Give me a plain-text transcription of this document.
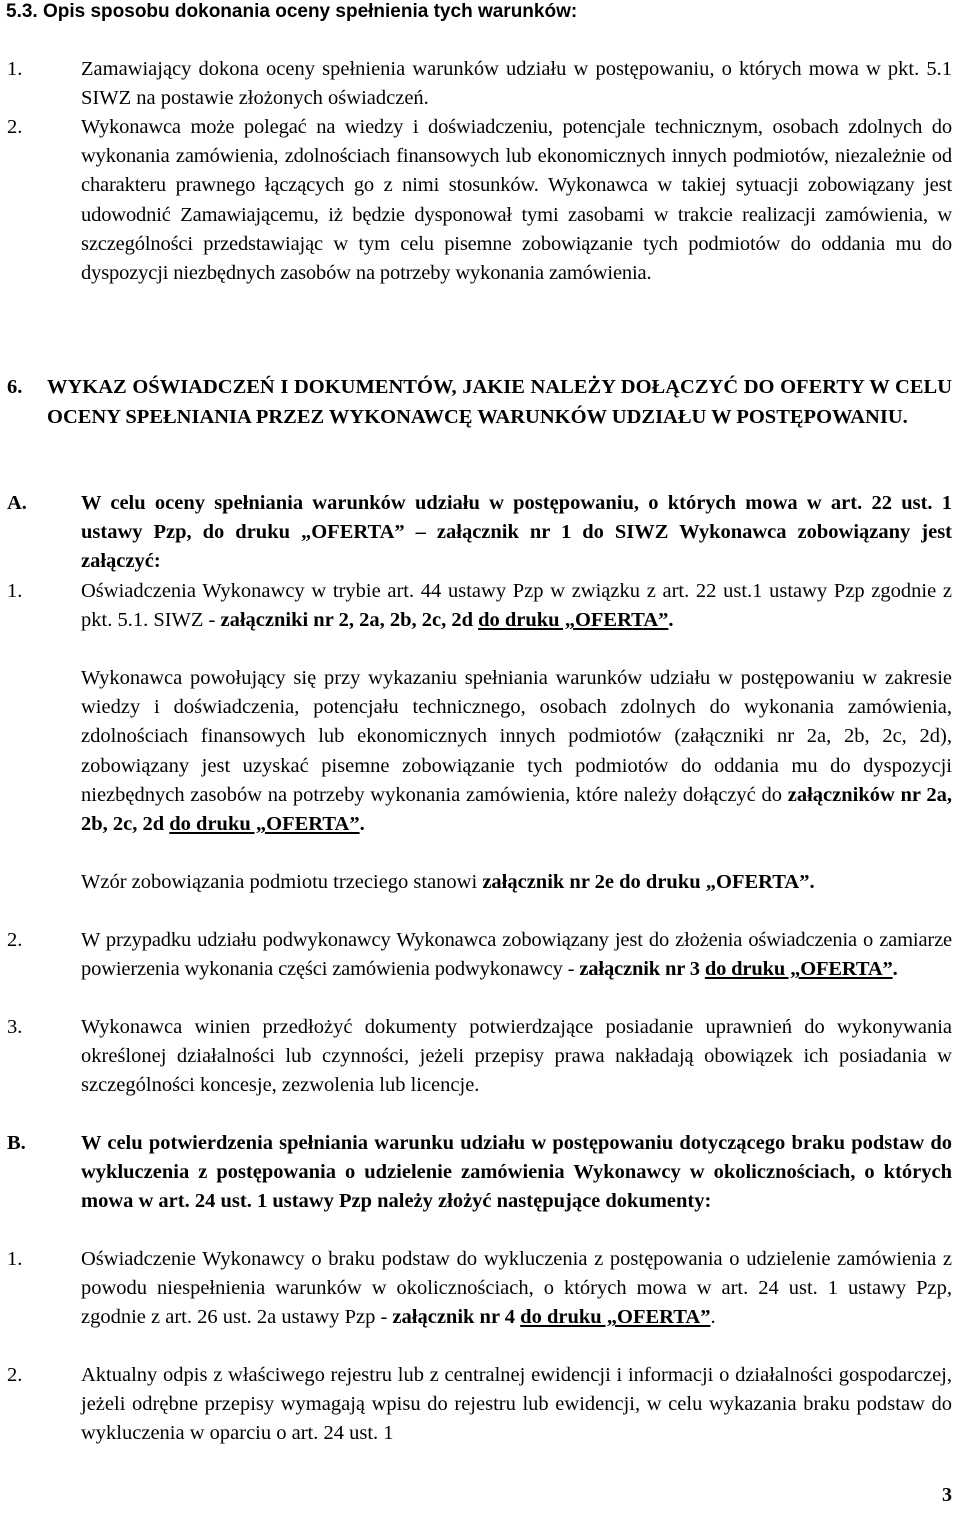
5.3. Opis sposobu dokonania oceny spełnienia tych warunków:
1.	Zamawiający dokona oceny spełnienia warunków udziału w postępowaniu, o których mowa w pkt. 5.1 SIWZ na postawie złożonych oświadczeń.
2.	Wykonawca może polegać na wiedzy i doświadczeniu, potencjale technicznym, osobach zdolnych do wykonania zamówienia, zdolnościach finansowych lub ekonomicznych innych podmiotów, niezależnie od charakteru prawnego łączących go z nimi stosunków. Wykonawca w takiej sytuacji zobowiązany jest udowodnić Zamawiającemu, iż będzie dysponował tymi zasobami w trakcie realizacji zamówienia, w szczególności przedstawiając w tym celu pisemne zobowiązanie tych podmiotów do oddania mu do dyspozycji niezbędnych zasobów na potrzeby wykonania zamówienia.
6. WYKAZ OŚWIADCZEŃ I DOKUMENTÓW, JAKIE NALEŻY DOŁĄCZYĆ DO OFERTY W CELU OCENY SPEŁNIANIA PRZEZ WYKONAWCĘ WARUNKÓW UDZIAŁU W POSTĘPOWANIU.
A.	W celu oceny spełniania warunków udziału w postępowaniu, o których mowa w art. 22 ust. 1 ustawy Pzp, do druku „OFERTA” – załącznik nr 1 do SIWZ Wykonawca zobowiązany jest załączyć:
1.	Oświadczenia Wykonawcy w trybie art. 44 ustawy Pzp w związku z art. 22 ust.1 ustawy Pzp zgodnie z pkt. 5.1. SIWZ - załączniki nr 2, 2a, 2b, 2c, 2d do druku „OFERTA”.
Wykonawca powołujący się przy wykazaniu spełniania warunków udziału w postępowaniu w zakresie wiedzy i doświadczenia, potencjału technicznego, osobach zdolnych do wykonania zamówienia, zdolnościach finansowych lub ekonomicznych innych podmiotów (załączniki nr 2a, 2b, 2c, 2d), zobowiązany jest uzyskać pisemne zobowiązanie tych podmiotów do oddania mu do dyspozycji niezbędnych zasobów na potrzeby wykonania zamówienia, które należy dołączyć do załączników nr 2a, 2b, 2c, 2d do druku „OFERTA”.
Wzór zobowiązania podmiotu trzeciego stanowi załącznik nr 2e do druku „OFERTA”.
2.	W przypadku udziału podwykonawcy Wykonawca zobowiązany jest do złożenia oświadczenia o zamiarze powierzenia wykonania części zamówienia podwykonawcy - załącznik nr 3 do druku „OFERTA”.
3.	Wykonawca winien przedłożyć dokumenty potwierdzające posiadanie uprawnień do wykonywania określonej działalności lub czynności, jeżeli przepisy prawa nakładają obowiązek ich posiadania w szczególności koncesje, zezwolenia lub licencje.
B.	W celu potwierdzenia spełniania warunku udziału w postępowaniu dotyczącego braku podstaw do wykluczenia z postępowania o udzielenie zamówienia Wykonawcy w okolicznościach, o których mowa w art. 24 ust. 1 ustawy Pzp należy złożyć następujące dokumenty:
1.	Oświadczenie Wykonawcy o braku podstaw do wykluczenia z postępowania o udzielenie zamówienia z powodu niespełnienia warunków w okolicznościach, o których mowa w art. 24 ust. 1 ustawy Pzp, zgodnie z art. 26 ust. 2a ustawy Pzp - załącznik nr 4 do druku „OFERTA”.
2.	Aktualny odpis z właściwego rejestru lub z centralnej ewidencji i informacji o działalności gospodarczej, jeżeli odrębne przepisy wymagają wpisu do rejestru lub ewidencji, w celu wykazania braku podstaw do wykluczenia w oparciu o art. 24 ust. 1
3
